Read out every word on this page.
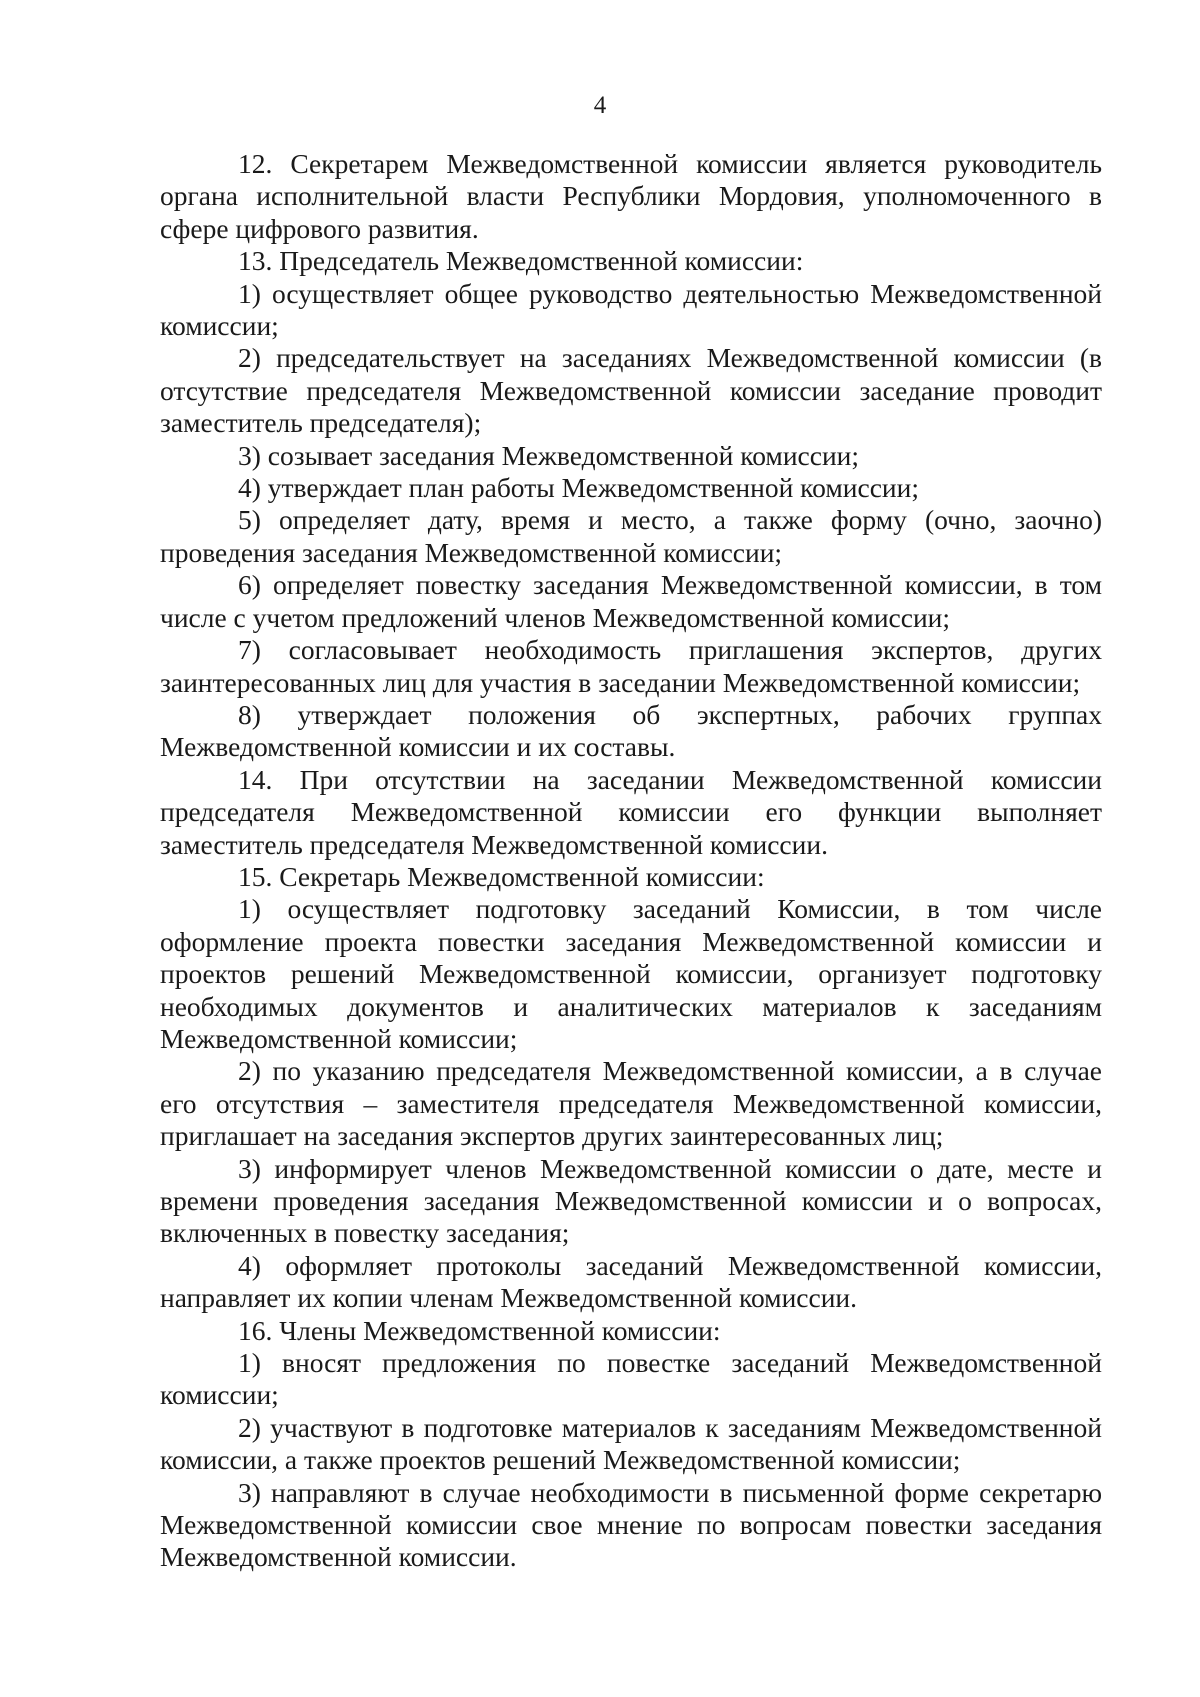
4

12. Секретарем Межведомственной комиссии является руководитель органа исполнительной власти Республики Мордовия, уполномоченного в сфере цифрового развития.

13. Председатель Межведомственной комиссии:

1) осуществляет общее руководство деятельностью Межведомственной комиссии;

2) председательствует на заседаниях Межведомственной комиссии (в отсутствие председателя Межведомственной комиссии заседание проводит заместитель председателя);

3) созывает заседания Межведомственной комиссии;

4) утверждает план работы Межведомственной комиссии;

5) определяет дату, время и место, а также форму (очно, заочно) проведения заседания Межведомственной комиссии;

6) определяет повестку заседания Межведомственной комиссии, в том числе с учетом предложений членов Межведомственной комиссии;

7) согласовывает необходимость приглашения экспертов, других заинтересованных лиц для участия в заседании Межведомственной комиссии;

8) утверждает положения об экспертных, рабочих группах Межведомственной комиссии и их составы.

14. При отсутствии на заседании Межведомственной комиссии председателя Межведомственной комиссии его функции выполняет заместитель председателя Межведомственной комиссии.

15. Секретарь Межведомственной комиссии:

1) осуществляет подготовку заседаний Комиссии, в том числе оформление проекта повестки заседания Межведомственной комиссии и проектов решений Межведомственной комиссии, организует подготовку необходимых документов и аналитических материалов к заседаниям Межведомственной комиссии;

2) по указанию председателя Межведомственной комиссии, а в случае его отсутствия – заместителя председателя Межведомственной комиссии, приглашает на заседания экспертов других заинтересованных лиц;

3) информирует членов Межведомственной комиссии о дате, месте и времени проведения заседания Межведомственной комиссии и о вопросах, включенных в повестку заседания;

4) оформляет протоколы заседаний Межведомственной комиссии, направляет их копии членам Межведомственной комиссии.

16. Члены Межведомственной комиссии:

1) вносят предложения по повестке заседаний Межведомственной комиссии;

2) участвуют в подготовке материалов к заседаниям Межведомственной комиссии, а также проектов решений Межведомственной комиссии;

3) направляют в случае необходимости в письменной форме секретарю Межведомственной комиссии свое мнение по вопросам повестки заседания Межведомственной комиссии.
